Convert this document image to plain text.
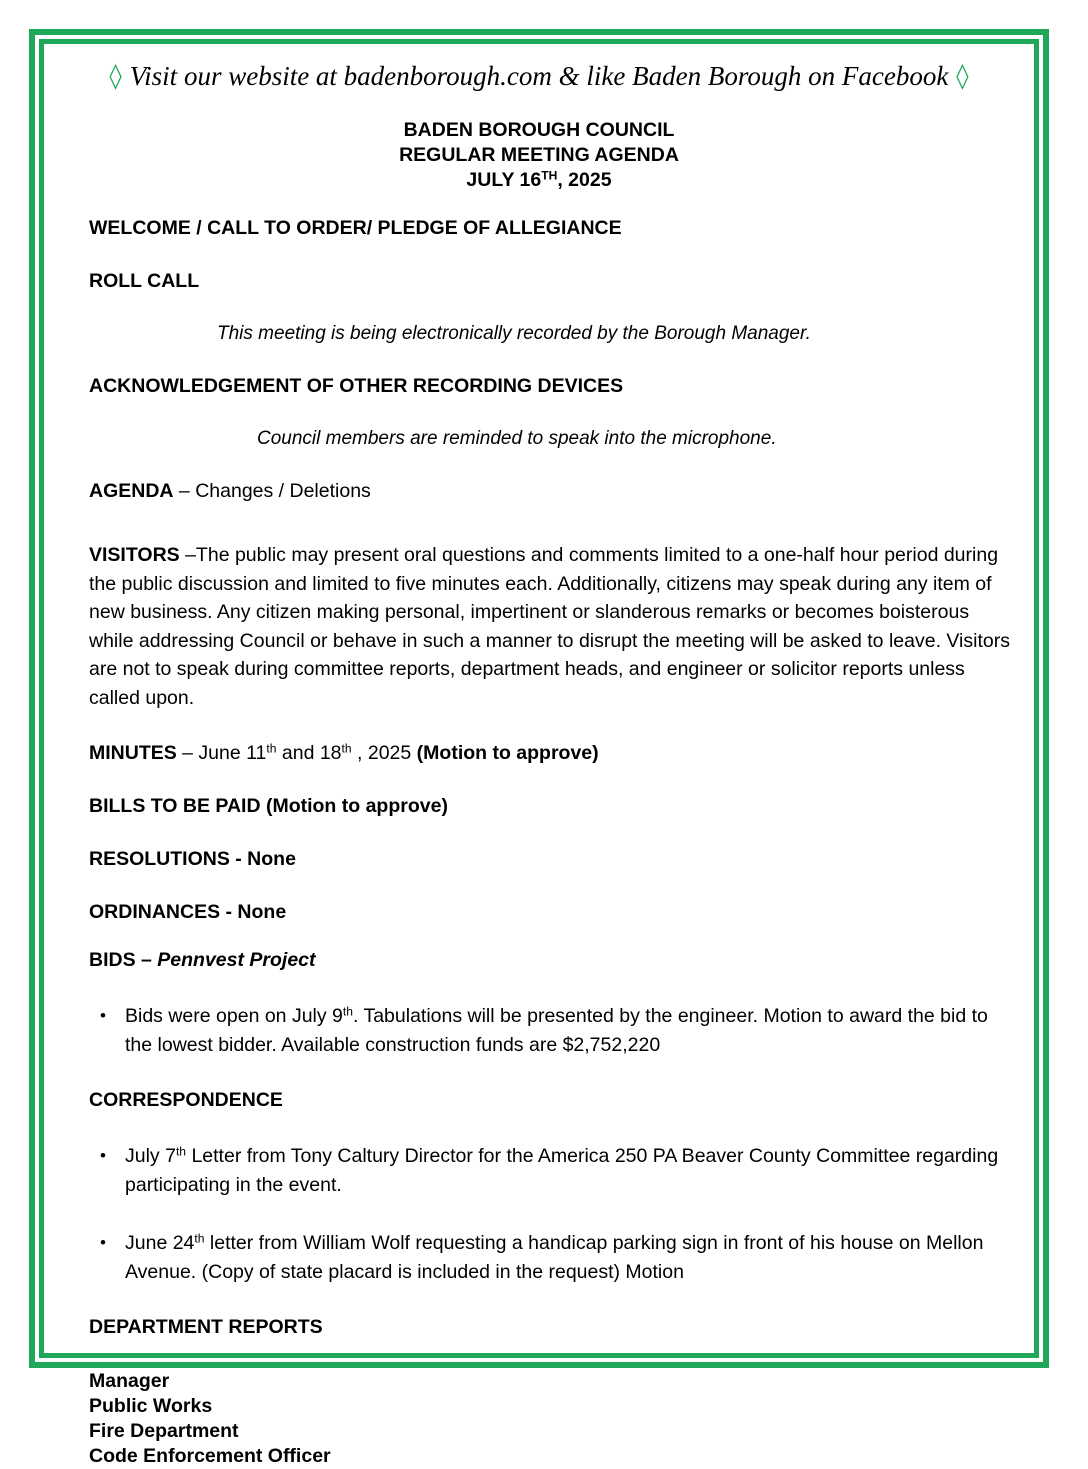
◊ Visit our website at badenborough.com & like Baden Borough on Facebook ◊
BADEN BOROUGH COUNCIL
REGULAR MEETING AGENDA
JULY 16TH, 2025
WELCOME / CALL TO ORDER/ PLEDGE OF ALLEGIANCE
ROLL CALL
This meeting is being electronically recorded by the Borough Manager.
ACKNOWLEDGEMENT OF OTHER RECORDING DEVICES
Council members are reminded to speak into the microphone.
AGENDA – Changes / Deletions
VISITORS –The public may present oral questions and comments limited to a one-half hour period during the public discussion and limited to five minutes each. Additionally, citizens may speak during any item of new business. Any citizen making personal, impertinent or slanderous remarks or becomes boisterous while addressing Council or behave in such a manner to disrupt the meeting will be asked to leave. Visitors are not to speak during committee reports, department heads, and engineer or solicitor reports unless called upon.
MINUTES – June 11th and 18th , 2025 (Motion to approve)
BILLS TO BE PAID (Motion to approve)
RESOLUTIONS - None
ORDINANCES - None
BIDS – Pennvest Project
• Bids were open on July 9th. Tabulations will be presented by the engineer. Motion to award the bid to the lowest bidder. Available construction funds are $2,752,220
CORRESPONDENCE
• July 7th Letter from Tony Caltury Director for the America 250 PA Beaver County Committee regarding participating in the event.
• June 24th letter from William Wolf requesting a handicap parking sign in front of his house on Mellon Avenue. (Copy of state placard is included in the request) Motion
DEPARTMENT REPORTS
Manager
Public Works
Fire Department
Code Enforcement Officer
